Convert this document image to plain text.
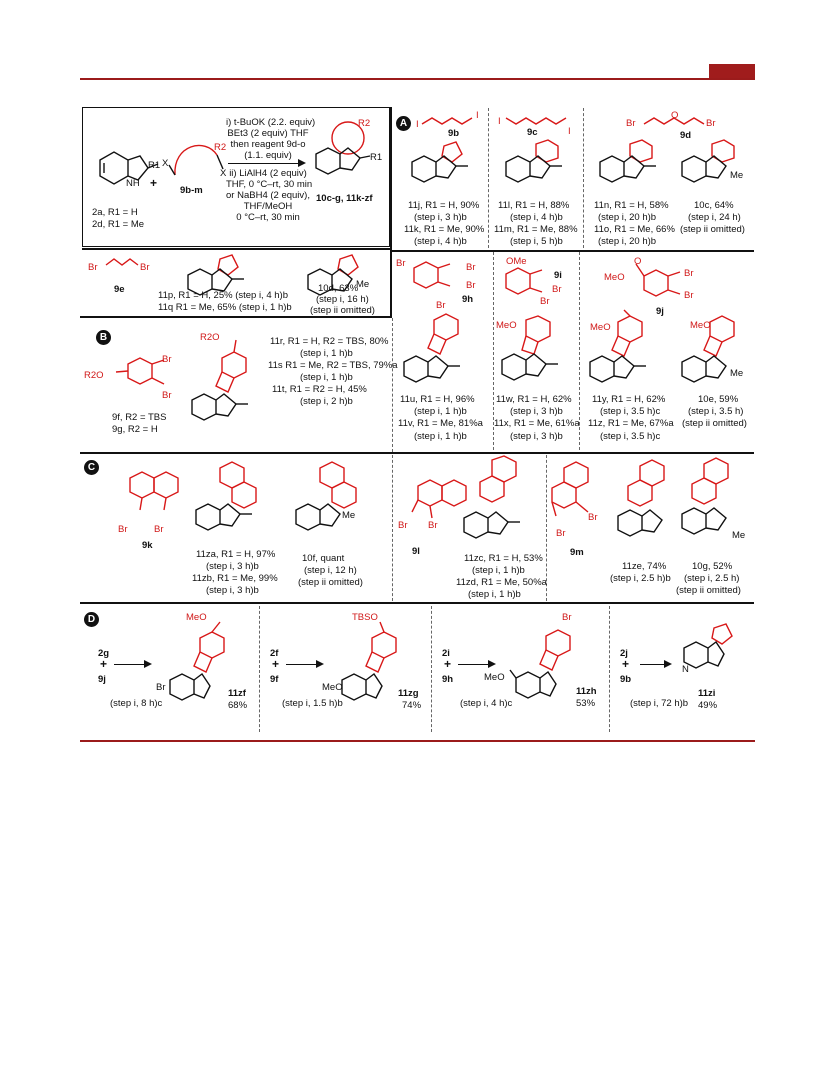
R1
NH +
2a, R1 = H
2d, R1 = Me
X
X
R2
9b-m
i) t-BuOK (2.2. equiv)
BEt3 (2 equiv) THF
then reagent 9d-o
(1.1. equiv)
ii) LiAlH4 (2 equiv)
THF, 0 °C–rt, 30 min
or NaBH4 (2 equiv),
THF/MeOH
0 °C–rt, 30 min
R2
R1
10c-g, 11k-zf
A I
I
9b
11j, R1 = H, 90%
(step i, 3 h)b
11k, R1 = Me, 90%
(step i, 4 h)b
I
I
9c
11l, R1 = H, 88%
(step i, 4 h)b
11m, R1 = Me, 88%
(step i, 5 h)b
Br
O
Br
9d
11n, R1 = H, 58%
(step i, 20 h)b
11o, R1 = Me, 66%
(step i, 20 h)b
Me
10c, 64%
(step i, 24 h)
(step ii omitted)
Br	Br
9e
11p, R1 = H, 25% (step i, 4 h)b
11q R1 = Me, 65% (step i, 1 h)b
Me
10d, 63%
(step i, 16 h)
(step ii omitted)
B
R2O
Br
Br
9f, R2 = TBS
9g, R2 = H
R2O	11r, R1 = H, R2 = TBS, 80%
(step i, 1 h)b
11s R1 = Me, R2 = TBS, 79%a
(step i, 1 h)b
11t, R1 = R2 = H, 45%
(step i, 2 h)b
Br	Br
Br
9h
Br
11u, R1 = H, 96%
(step i, 1 h)b
11v, R1 = Me, 81%a
(step i, 1 h)b
OMe
9i
Br
Br
MeO
11w, R1 = H, 62%
(step i, 3 h)b
11x, R1 = Me, 61%a
(step i, 3 h)b
O
MeO	Br
Br
9j
MeO
11y, R1 = H, 62%
(step i, 3.5 h)c
11z, R1 = Me, 67%a
(step i, 3.5 h)c
MeO
Me
10e, 59%
(step i, 3.5 h)
(step ii omitted)
C
Br	Br
9k
11za, R1 = H, 97%
(step i, 3 h)b
11zb, R1 = Me, 99%
(step i, 3 h)b
Me
10f, quant
(step i, 12 h)
(step ii omitted)
Br Br
9l
11zc, R1 = H, 53%
(step i, 1 h)b
11zd, R1 = Me, 50%a
(step i, 1 h)b
Br
Br
9m
11ze, 74%
(step i, 2.5 h)b
Me
10g, 52%
(step i, 2.5 h)
(step ii omitted)
D
2g
+
9j
(step i, 8 h)c
MeO
Br
11zf
68%
2f
+
9f
(step i, 1.5 h)b
TBSO
MeO
11zg
74%
2i
+
9h
(step i, 4 h)c
Br
MeO
11zh
53%
2j
+
9b
(step i, 72 h)b
N
11zi
49%
